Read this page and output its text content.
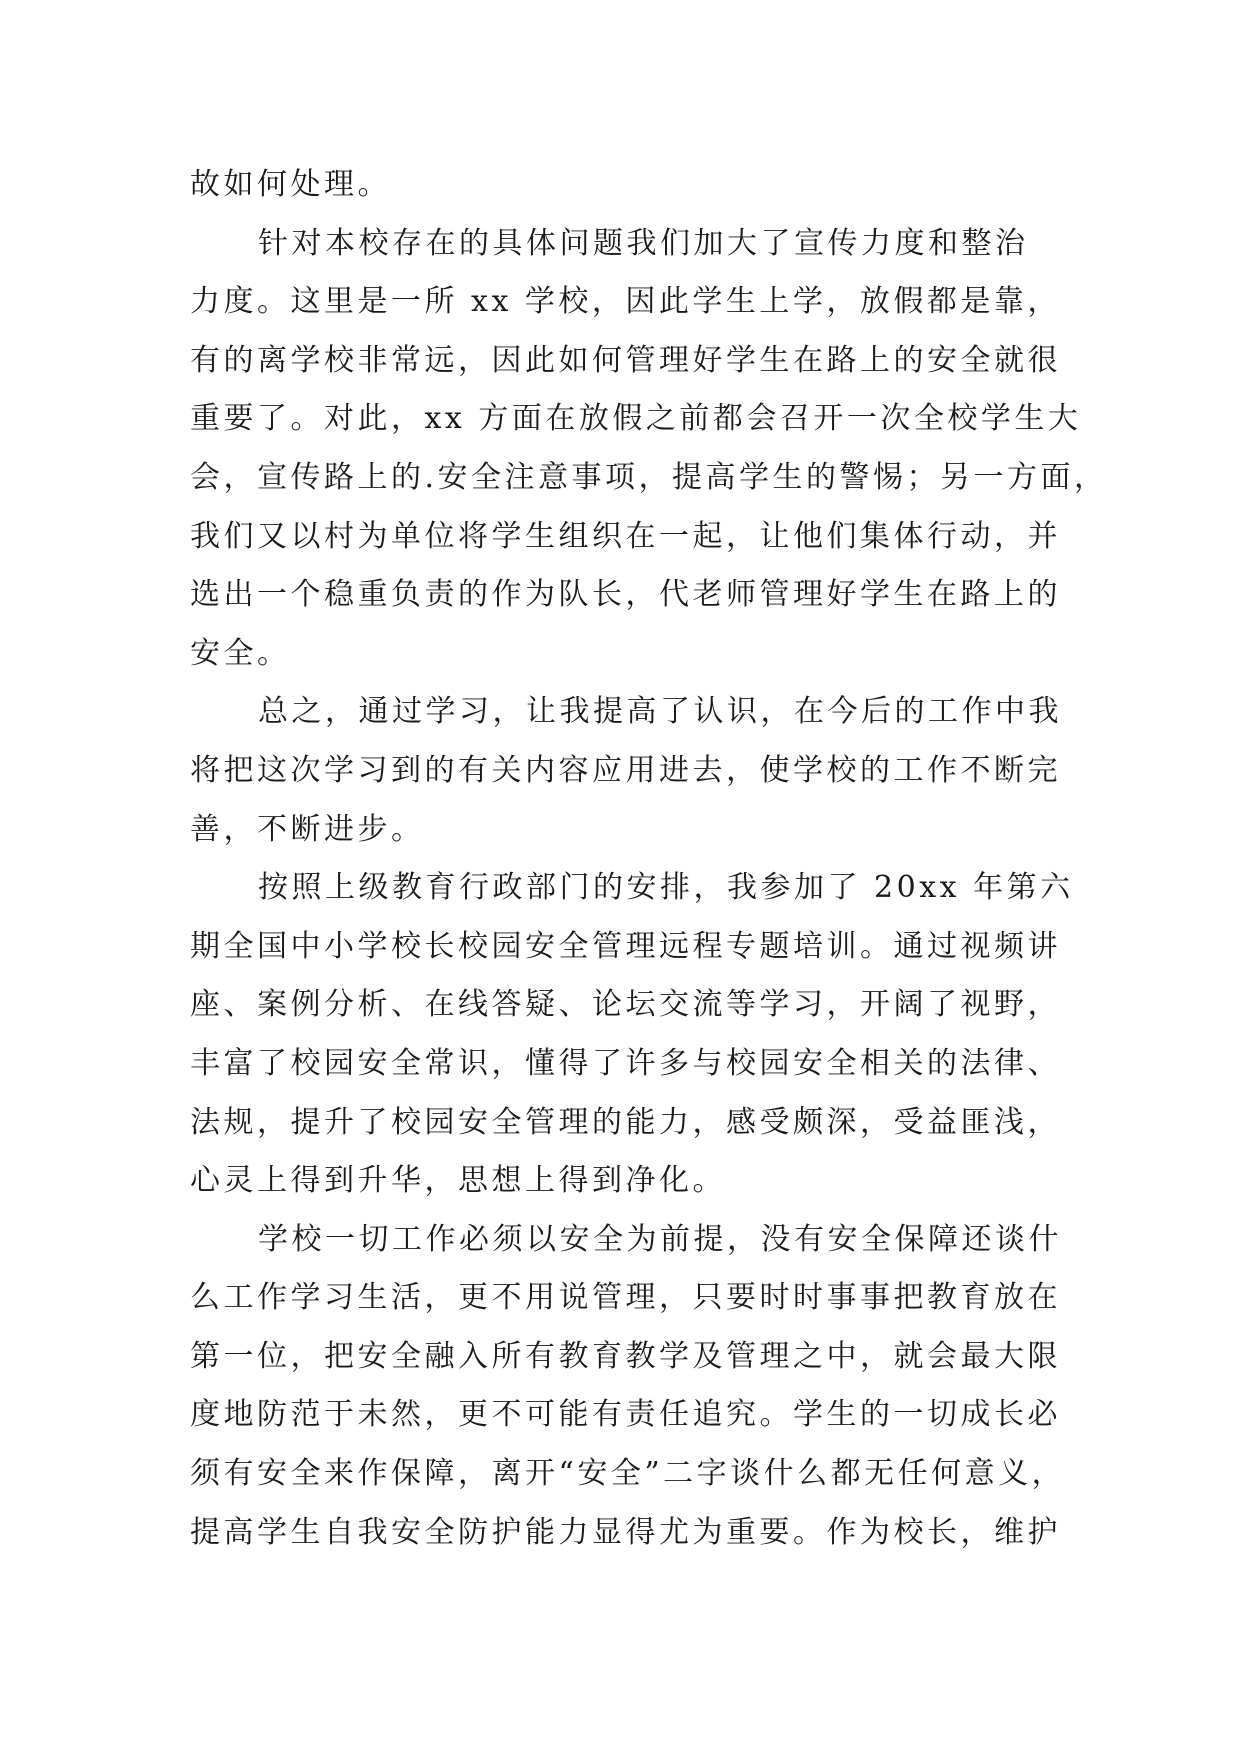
故如何处理。
针对本校存在的具体问题我们加大了宣传力度和整治
力度。这里是一所 xx 学校，因此学生上学，放假都是靠，
有的离学校非常远，因此如何管理好学生在路上的安全就很
重要了。对此，xx 方面在放假之前都会召开一次全校学生大
会，宣传路上的.安全注意事项，提高学生的警惕；另一方面，
我们又以村为单位将学生组织在一起，让他们集体行动，并
选出一个稳重负责的作为队长，代老师管理好学生在路上的
安全。
总之，通过学习，让我提高了认识，在今后的工作中我
将把这次学习到的有关内容应用进去，使学校的工作不断完
善，不断进步。
按照上级教育行政部门的安排，我参加了 20xx 年第六
期全国中小学校长校园安全管理远程专题培训。通过视频讲
座、案例分析、在线答疑、论坛交流等学习，开阔了视野，
丰富了校园安全常识，懂得了许多与校园安全相关的法律、
法规，提升了校园安全管理的能力，感受颇深，受益匪浅，
心灵上得到升华，思想上得到净化。
学校一切工作必须以安全为前提，没有安全保障还谈什
么工作学习生活，更不用说管理，只要时时事事把教育放在
第一位，把安全融入所有教育教学及管理之中，就会最大限
度地防范于未然，更不可能有责任追究。学生的一切成长必
须有安全来作保障，离开“安全”二字谈什么都无任何意义，
提高学生自我安全防护能力显得尤为重要。作为校长，维护
